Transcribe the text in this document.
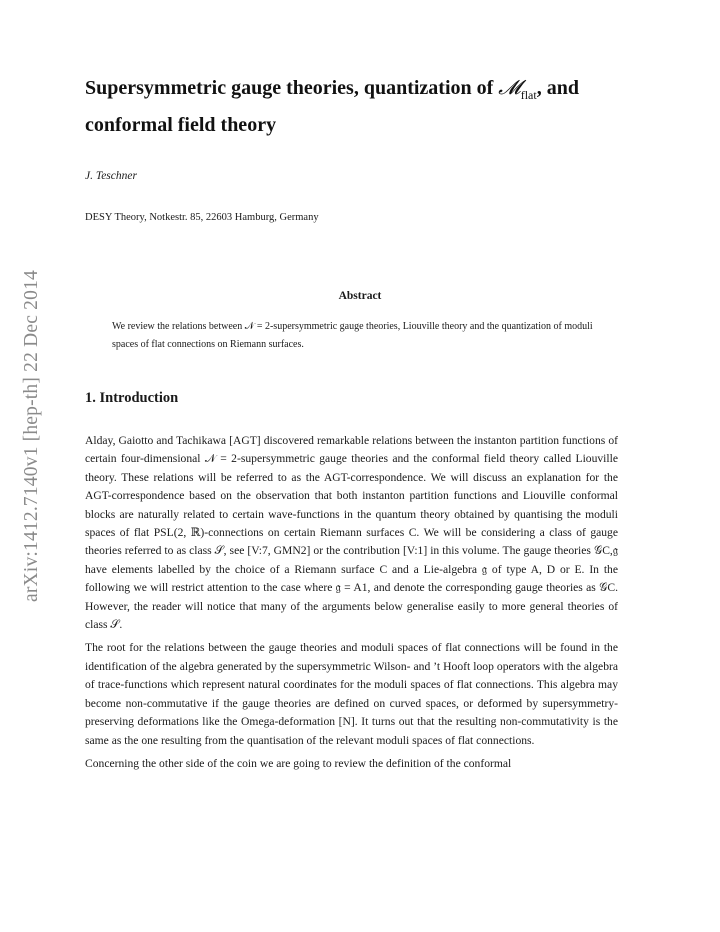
arXiv:1412.7140v1 [hep-th] 22 Dec 2014
Supersymmetric gauge theories, quantization of 𝓜$_{flat}$, and conformal field theory
J. Teschner
DESY Theory, Notkestr. 85, 22603 Hamburg, Germany
Abstract
We review the relations between 𝒩 = 2-supersymmetric gauge theories, Liouville theory and the quantization of moduli spaces of flat connections on Riemann surfaces.
1. Introduction

Alday, Gaiotto and Tachikawa [AGT] discovered remarkable relations between the instanton partition functions of certain four-dimensional 𝒩 = 2-supersymmetric gauge theories and the conformal field theory called Liouville theory. These relations will be referred to as the AGT-correspondence. We will discuss an explanation for the AGT-correspondence based on the observation that both instanton partition functions and Liouville conformal blocks are naturally related to certain wave-functions in the quantum theory obtained by quantising the moduli spaces of flat PSL(2, ℝ)-connections on certain Riemann surfaces C. We will be considering a class of gauge theories referred to as class 𝒮, see [V:7, GMN2] or the contribution [V:1] in this volume. The gauge theories 𝒢C,𝔤 have elements labelled by the choice of a Riemann surface C and a Lie-algebra 𝔤 of type A, D or E. In the following we will restrict attention to the case where 𝔤 = A1, and denote the corresponding gauge theories as 𝒢C. However, the reader will notice that many of the arguments below generalise easily to more general theories of class 𝒮.

The root for the relations between the gauge theories and moduli spaces of flat connections will be found in the identification of the algebra generated by the supersymmetric Wilson- and ’t Hooft loop operators with the algebra of trace-functions which represent natural coordinates for the moduli spaces of flat connections. This algebra may become non-commutative if the gauge theories are defined on curved spaces, or deformed by supersymmetry-preserving deformations like the Omega-deformation [N]. It turns out that the resulting non-commutativity is the same as the one resulting from the quantisation of the relevant moduli spaces of flat connections.

Concerning the other side of the coin we are going to review the definition of the conformal
